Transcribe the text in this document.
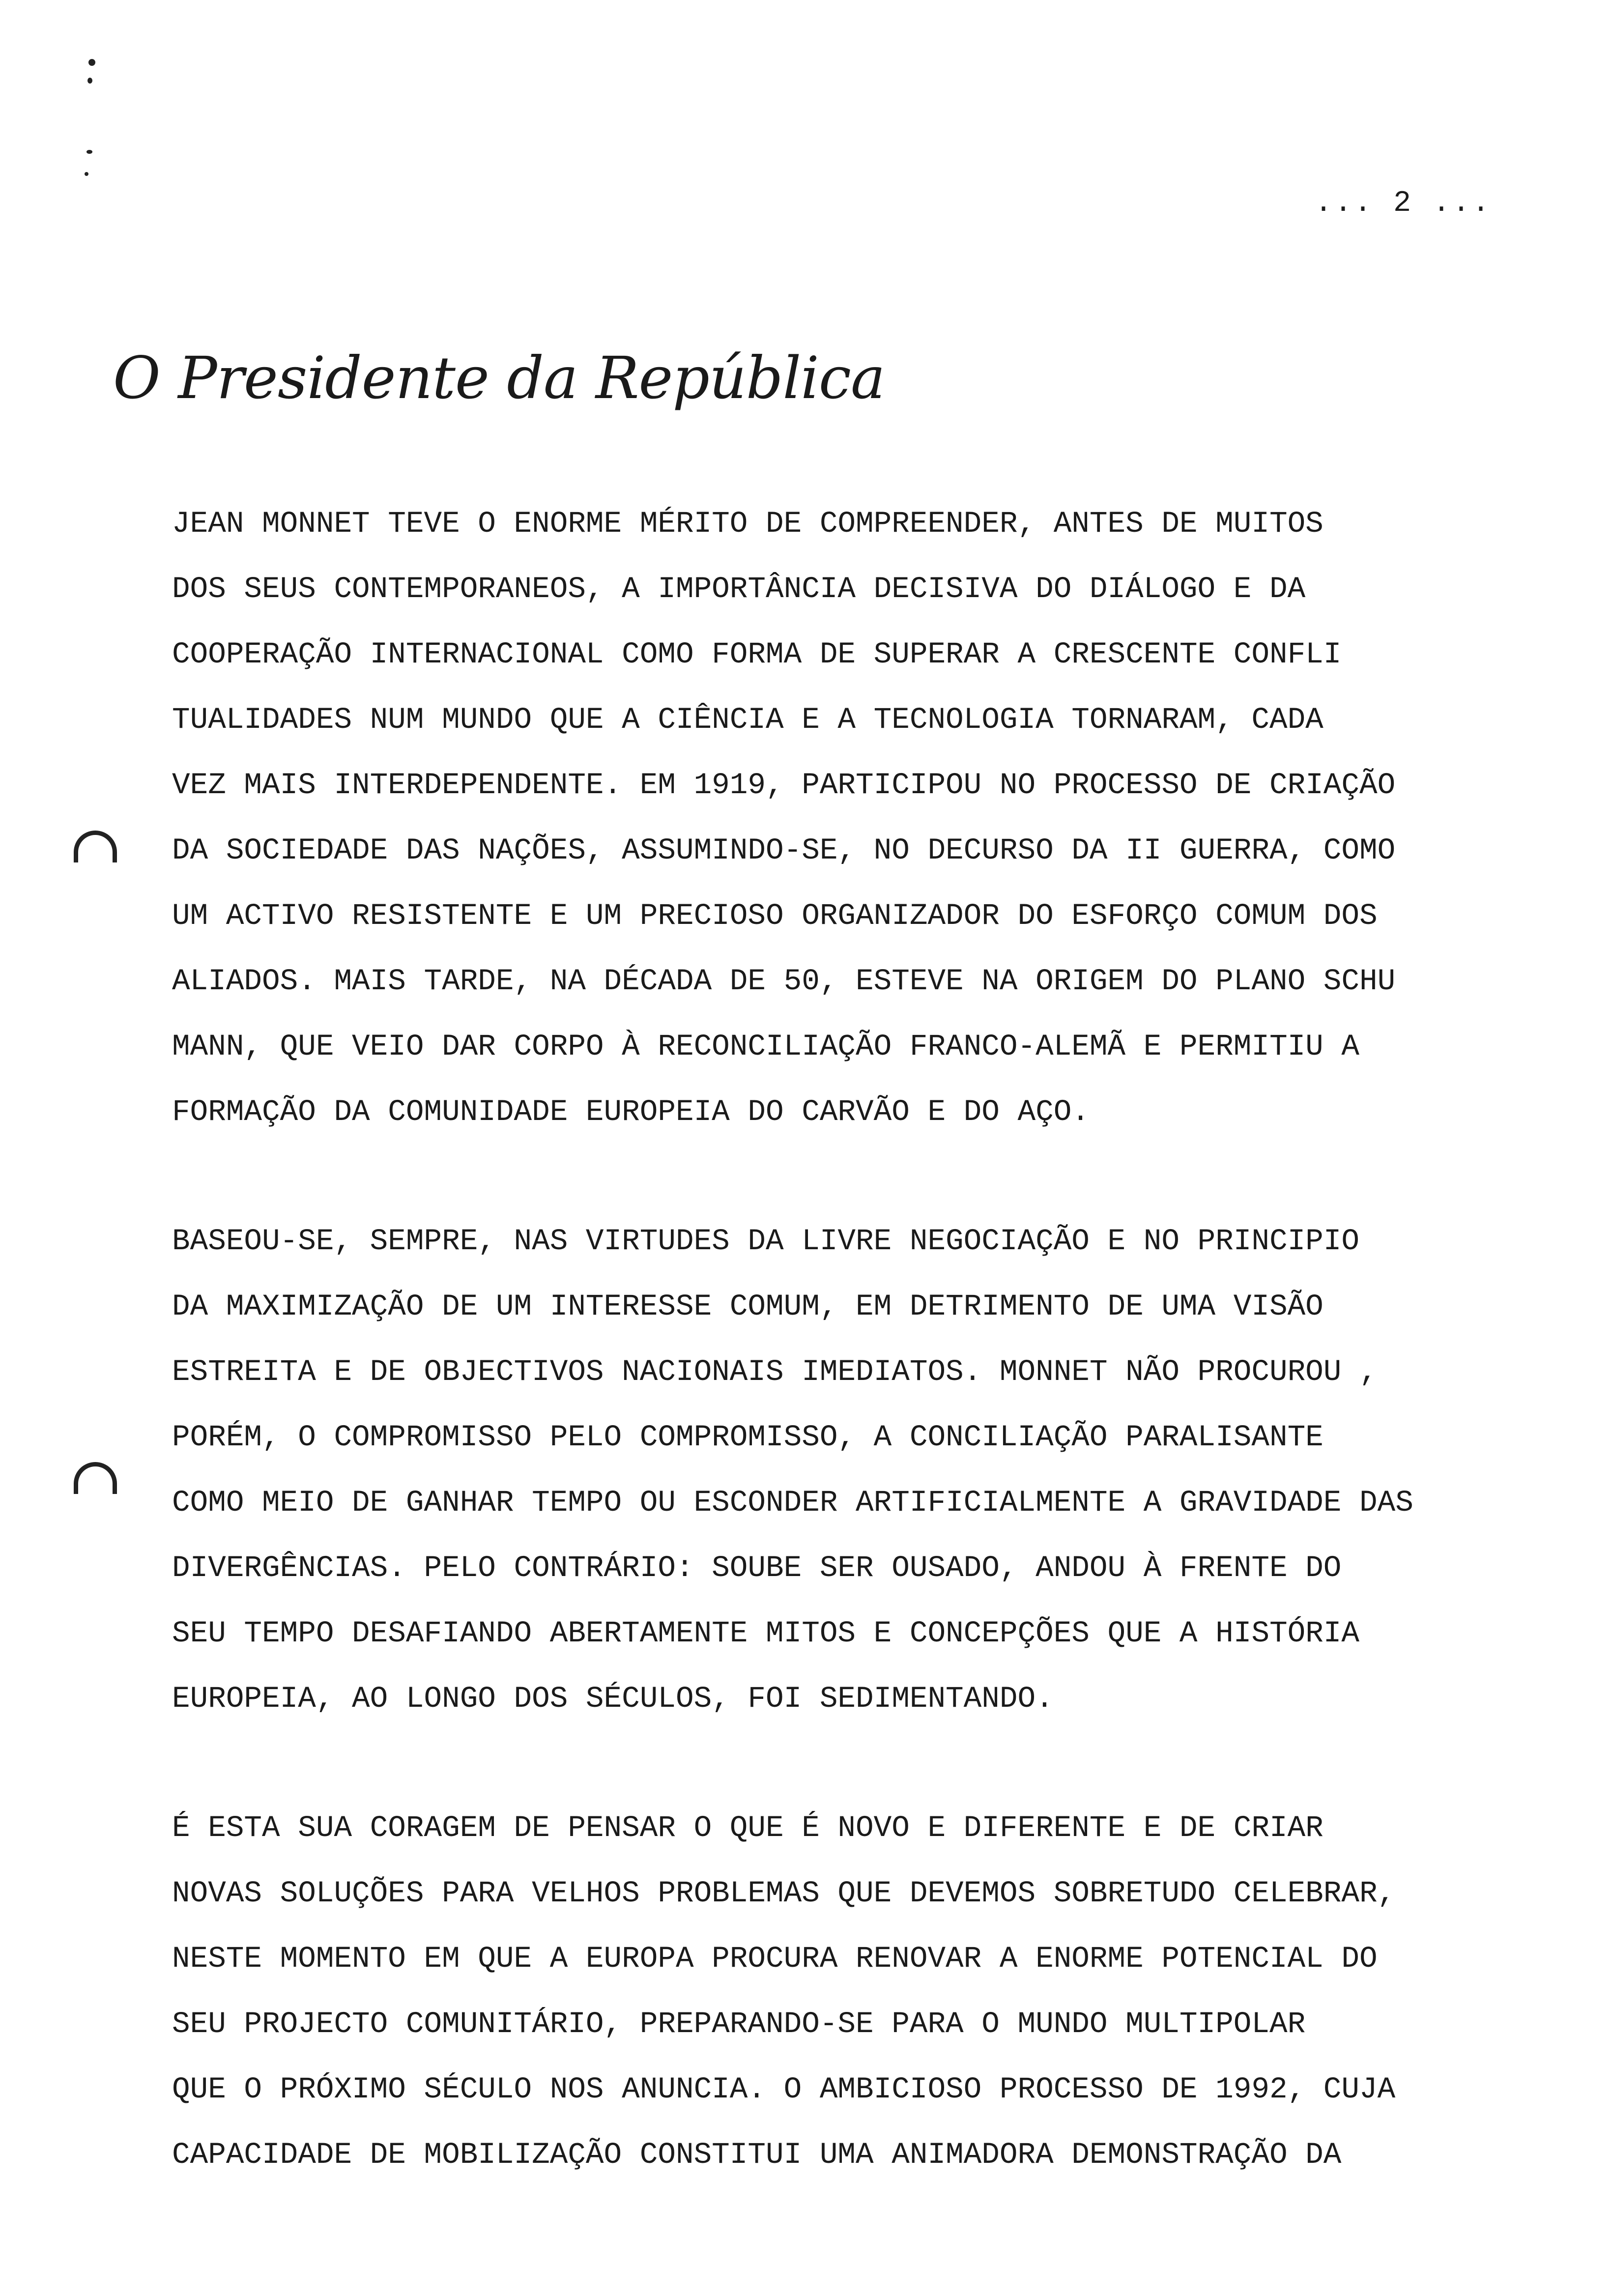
... 2 ...
O Presidente da República
JEAN MONNET TEVE O ENORME MÉRITO DE COMPREENDER, ANTES DE MUITOS
DOS SEUS CONTEMPORANEOS, A IMPORTÂNCIA DECISIVA DO DIÁLOGO E DA
COOPERAÇÃO INTERNACIONAL COMO FORMA DE SUPERAR A CRESCENTE CONFLI
TUALIDADES NUM MUNDO QUE A CIÊNCIA E A TECNOLOGIA TORNARAM, CADA
VEZ MAIS INTERDEPENDENTE. EM 1919, PARTICIPOU NO PROCESSO DE CRIAÇÃO
DA SOCIEDADE DAS NAÇÕES, ASSUMINDO-SE, NO DECURSO DA II GUERRA, COMO
UM ACTIVO RESISTENTE E UM PRECIOSO ORGANIZADOR DO ESFORÇO COMUM DOS
ALIADOS. MAIS TARDE, NA DÉCADA DE 50, ESTEVE NA ORIGEM DO PLANO SCHU
MANN, QUE VEIO DAR CORPO À RECONCILIAÇÃO FRANCO-ALEMÃ E PERMITIU A
FORMAÇÃO DA COMUNIDADE EUROPEIA DO CARVÃO E DO AÇO.
BASEOU-SE, SEMPRE, NAS VIRTUDES DA LIVRE NEGOCIAÇÃO E NO PRINCIPIO
DA MAXIMIZAÇÃO DE UM INTERESSE COMUM, EM DETRIMENTO DE UMA VISÃO
ESTREITA E DE OBJECTIVOS NACIONAIS IMEDIATOS. MONNET NÃO PROCUROU ,
PORÉM, O COMPROMISSO PELO COMPROMISSO, A CONCILIAÇÃO PARALISANTE
COMO MEIO DE GANHAR TEMPO OU ESCONDER ARTIFICIALMENTE A GRAVIDADE DAS
DIVERGÊNCIAS. PELO CONTRÁRIO: SOUBE SER OUSADO, ANDOU À FRENTE DO
SEU TEMPO DESAFIANDO ABERTAMENTE MITOS E CONCEPÇÕES QUE A HISTÓRIA
EUROPEIA, AO LONGO DOS SÉCULOS, FOI SEDIMENTANDO.
É ESTA SUA CORAGEM DE PENSAR O QUE É NOVO E DIFERENTE E DE CRIAR
NOVAS SOLUÇÕES PARA VELHOS PROBLEMAS QUE DEVEMOS SOBRETUDO CELEBRAR,
NESTE MOMENTO EM QUE A EUROPA PROCURA RENOVAR A ENORME POTENCIAL DO
SEU PROJECTO COMUNITÁRIO, PREPARANDO-SE PARA O MUNDO MULTIPOLAR
QUE O PRÓXIMO SÉCULO NOS ANUNCIA. O AMBICIOSO PROCESSO DE 1992, CUJA
CAPACIDADE DE MOBILIZAÇÃO CONSTITUI UMA ANIMADORA DEMONSTRAÇÃO DA
